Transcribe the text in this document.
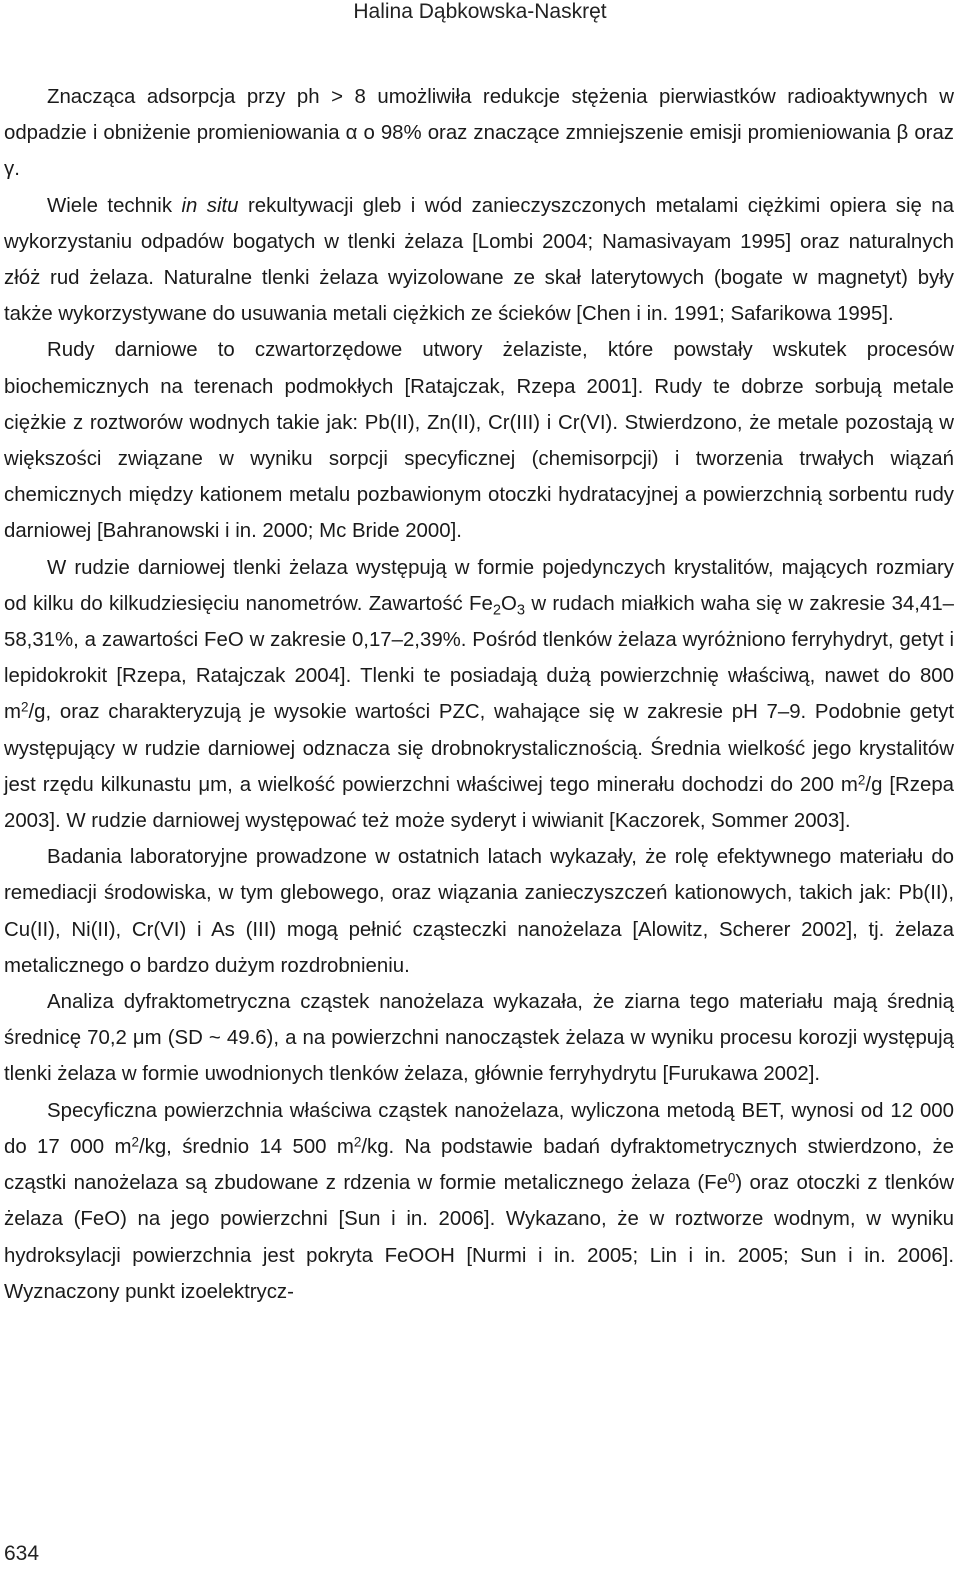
Halina Dąbkowska-Naskręt

Znacząca adsorpcja przy ph > 8 umożliwiła redukcje stężenia pierwiastków radioaktywnych w odpadzie i obniżenie promieniowania α o 98% oraz znaczące zmniejszenie emisji promieniowania β oraz γ.

Wiele technik in situ rekultywacji gleb i wód zanieczyszczonych metalami ciężkimi opiera się na wykorzystaniu odpadów bogatych w tlenki żelaza [Lombi 2004; Namasivayam 1995] oraz naturalnych złóż rud żelaza. Naturalne tlenki żelaza wyizolowane ze skał laterytowych (bogate w magnetyt) były także wykorzystywane do usuwania metali ciężkich ze ścieków [Chen i in. 1991; Safarikowa 1995].

Rudy darniowe to czwartorzędowe utwory żelaziste, które powstały wskutek procesów biochemicznych na terenach podmokłych [Ratajczak, Rzepa 2001]. Rudy te dobrze sorbują metale ciężkie z roztworów wodnych takie jak: Pb(II), Zn(II), Cr(III) i Cr(VI). Stwierdzono, że metale pozostają w większości związane w wyniku sorpcji specyficznej (chemisorpcji) i tworzenia trwałych wiązań chemicznych między kationem metalu pozbawionym otoczki hydratacyjnej a powierzchnią sorbentu rudy darniowej [Bahranowski i in. 2000; Mc Bride 2000].

W rudzie darniowej tlenki żelaza występują w formie pojedynczych krystalitów, mających rozmiary od kilku do kilkudziesięciu nanometrów. Zawartość $Fe_2O_3$ w rudach miałkich waha się w zakresie 34,41–58,31%, a zawartości FeO w zakresie 0,17–2,39%. Pośród tlenków żelaza wyróżniono ferryhydryt, getyt i lepidokrokit [Rzepa, Ratajczak 2004]. Tlenki te posiadają dużą powierzchnię właściwą, nawet do 800 $m^2/g$, oraz charakteryzują je wysokie wartości PZC, wahające się w zakresie pH 7–9. Podobnie getyt występujący w rudzie darniowej odznacza się drobnokrystalicznością. Średnia wielkość jego krystalitów jest rzędu kilkunastu μm, a wielkość powierzchni właściwej tego minerału dochodzi do 200 $m^2/g$ [Rzepa 2003]. W rudzie darniowej występować też może syderyt i wiwianit [Kaczorek, Sommer 2003].

Badania laboratoryjne prowadzone w ostatnich latach wykazały, że rolę efektywnego materiału do remediacji środowiska, w tym glebowego, oraz wiązania zanieczyszczeń kationowych, takich jak: Pb(II), Cu(II), Ni(II), Cr(VI) i As (III) mogą pełnić cząsteczki nanożelaza [Alowitz, Scherer 2002], tj. żelaza metalicznego o bardzo dużym rozdrobnieniu.

Analiza dyfraktometryczna cząstek nanożelaza wykazała, że ziarna tego materiału mają średnią średnicę 70,2 μm (SD ~ 49.6), a na powierzchni nanocząstek żelaza w wyniku procesu korozji występują tlenki żelaza w formie uwodnionych tlenków żelaza, głównie ferryhydrytu [Furukawa 2002].

Specyficzna powierzchnia właściwa cząstek nanożelaza, wyliczona metodą BET, wynosi od 12 000 do 17 000 $m^2/kg$, średnio 14 500 $m^2/kg$. Na podstawie badań dyfraktometrycznych stwierdzono, że cząstki nanożelaza są zbudowane z rdzenia w formie metalicznego żelaza (Fe$^0$) oraz otoczki z tlenków żelaza (FeO) na jego powierzchni [Sun i in. 2006]. Wykazano, że w roztworze wodnym, w wyniku hydroksylacji powierzchnia jest pokryta FeOOH [Nurmi i in. 2005; Lin i in. 2005; Sun i in. 2006]. Wyznaczony punkt izoelektrycz-

634
